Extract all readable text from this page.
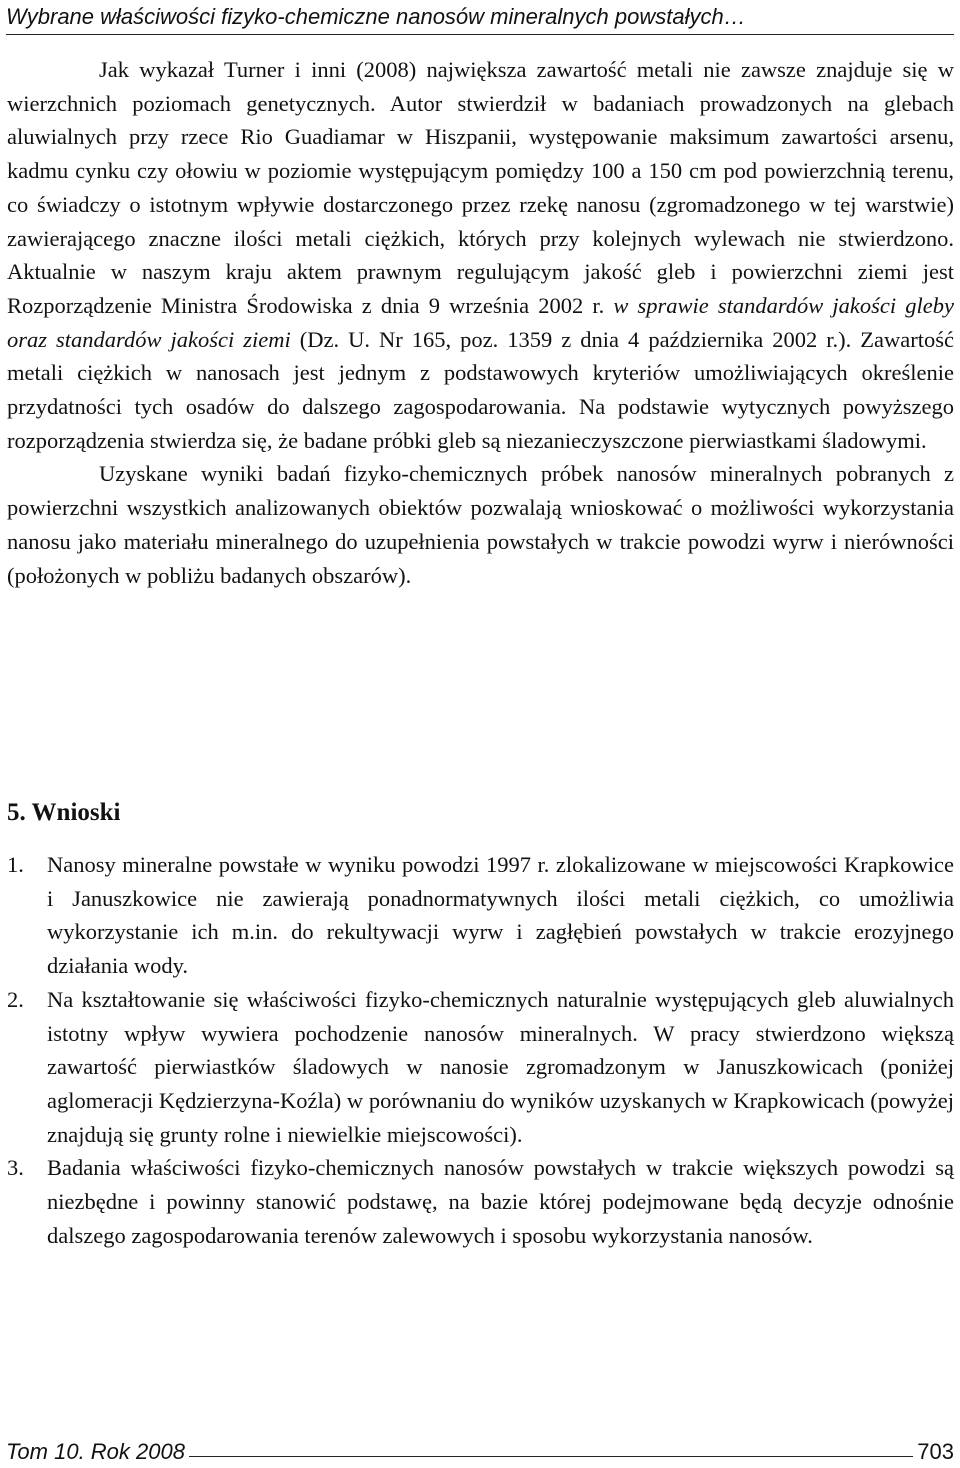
Wybrane właściwości fizyko-chemiczne nanosów mineralnych powstałych…

Jak wykazał Turner i inni (2008) największa zawartość metali nie zawsze znajduje się w wierzchnich poziomach genetycznych. Autor stwierdził w badaniach prowadzonych na glebach aluwialnych przy rzece Rio Guadiamar w Hiszpanii, występowanie maksimum zawartości arsenu, kadmu cynku czy ołowiu w poziomie występującym pomiędzy 100 a 150 cm pod powierzchnią terenu, co świadczy o istotnym wpływie dostarczonego przez rzekę nanosu (zgromadzonego w tej warstwie) zawierającego znaczne ilości metali ciężkich, których przy kolejnych wylewach nie stwierdzono. Aktualnie w naszym kraju aktem prawnym regulującym jakość gleb i powierzchni ziemi jest Rozporządzenie Ministra Środowiska z dnia 9 września 2002 r. w sprawie standardów jakości gleby oraz standardów jakości ziemi (Dz. U. Nr 165, poz. 1359 z dnia 4 października 2002 r.). Zawartość metali ciężkich w nanosach jest jednym z podstawowych kryteriów umożliwiających określenie przydatności tych osadów do dalszego zagospodarowania. Na podstawie wytycznych powyższego rozporządzenia stwierdza się, że badane próbki gleb są niezanieczyszczone pierwiastkami śladowymi.

Uzyskane wyniki badań fizyko-chemicznych próbek nanosów mineralnych pobranych z powierzchni wszystkich analizowanych obiektów pozwalają wnioskować o możliwości wykorzystania nanosu jako materiału mineralnego do uzupełnienia powstałych w trakcie powodzi wyrw i nierówności (położonych w pobliżu badanych obszarów).

5. Wnioski
1. Nanosy mineralne powstałe w wyniku powodzi 1997 r. zlokalizowane w miejscowości Krapkowice i Januszkowice nie zawierają ponadnormatywnych ilości metali ciężkich, co umożliwia wykorzystanie ich m.in. do rekultywacji wyrw i zagłębień powstałych w trakcie erozyjnego działania wody.
2. Na kształtowanie się właściwości fizyko-chemicznych naturalnie występujących gleb aluwialnych istotny wpływ wywiera pochodzenie nanosów mineralnych. W pracy stwierdzono większą zawartość pierwiastków śladowych w nanosie zgromadzonym w Januszkowicach (poniżej aglomeracji Kędzierzyna-Koźla) w porównaniu do wyników uzyskanych w Krapkowicach (powyżej znajdują się grunty rolne i niewielkie miejscowości).
3. Badania właściwości fizyko-chemicznych nanosów powstałych w trakcie większych powodzi są niezbędne i powinny stanowić podstawę, na bazie której podejmowane będą decyzje odnośnie dalszego zagospodarowania terenów zalewowych i sposobu wykorzystania nanosów.
Tom 10. Rok 2008	703
